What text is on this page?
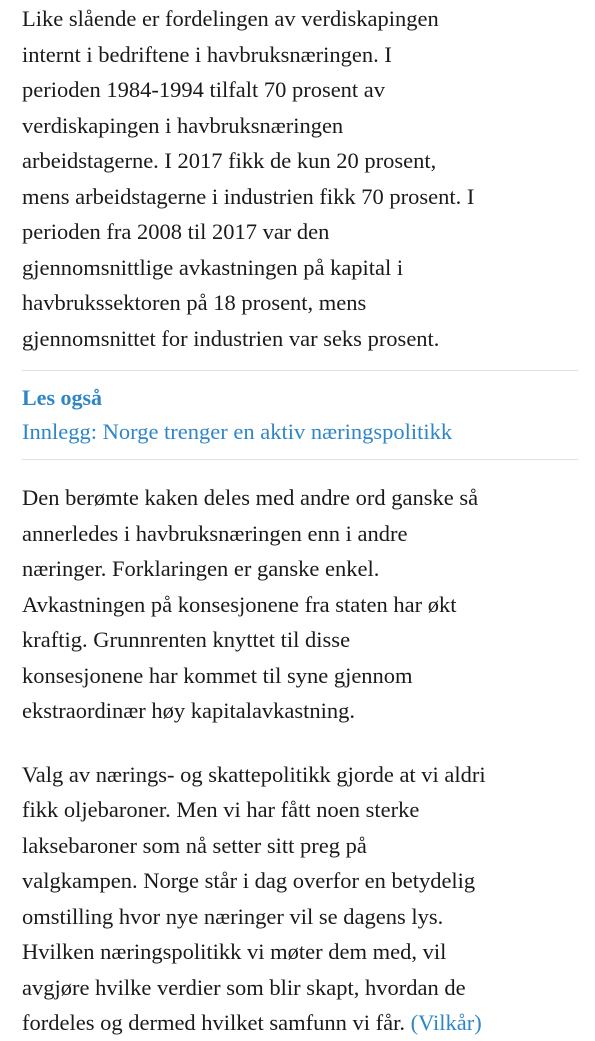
Like slående er fordelingen av verdiskapingen
internt i bedriftene i havbruksnæringen. I
perioden 1984-1994 tilfalt 70 prosent av
verdiskapingen i havbruksnæringen
arbeidstagerne. I 2017 fikk de kun 20 prosent,
mens arbeidstagerne i industrien fikk 70 prosent. I
perioden fra 2008 til 2017 var den
gjennomsnittlige avkastningen på kapital i
havbrukssektoren på 18 prosent, mens
gjennomsnittet for industrien var seks prosent.

Les også
Innlegg: Norge trenger en aktiv næringspolitikk

Den berømte kaken deles med andre ord ganske så
annerledes i havbruksnæringen enn i andre
næringer. Forklaringen er ganske enkel.
Avkastningen på konsesjonene fra staten har økt
kraftig. Grunnrenten knyttet til disse
konsesjonene har kommet til syne gjennom
ekstraordinær høy kapitalavkastning.

Valg av nærings- og skattepolitikk gjorde at vi aldri
fikk oljebaroner. Men vi har fått noen sterke
laksebaroner som nå setter sitt preg på
valgkampen. Norge står i dag overfor en betydelig
omstilling hvor nye næringer vil se dagens lys.
Hvilken næringspolitikk vi møter dem med, vil
avgjøre hvilke verdier som blir skapt, hvordan de
fordeles og dermed hvilket samfunn vi får. (Vilkår)
